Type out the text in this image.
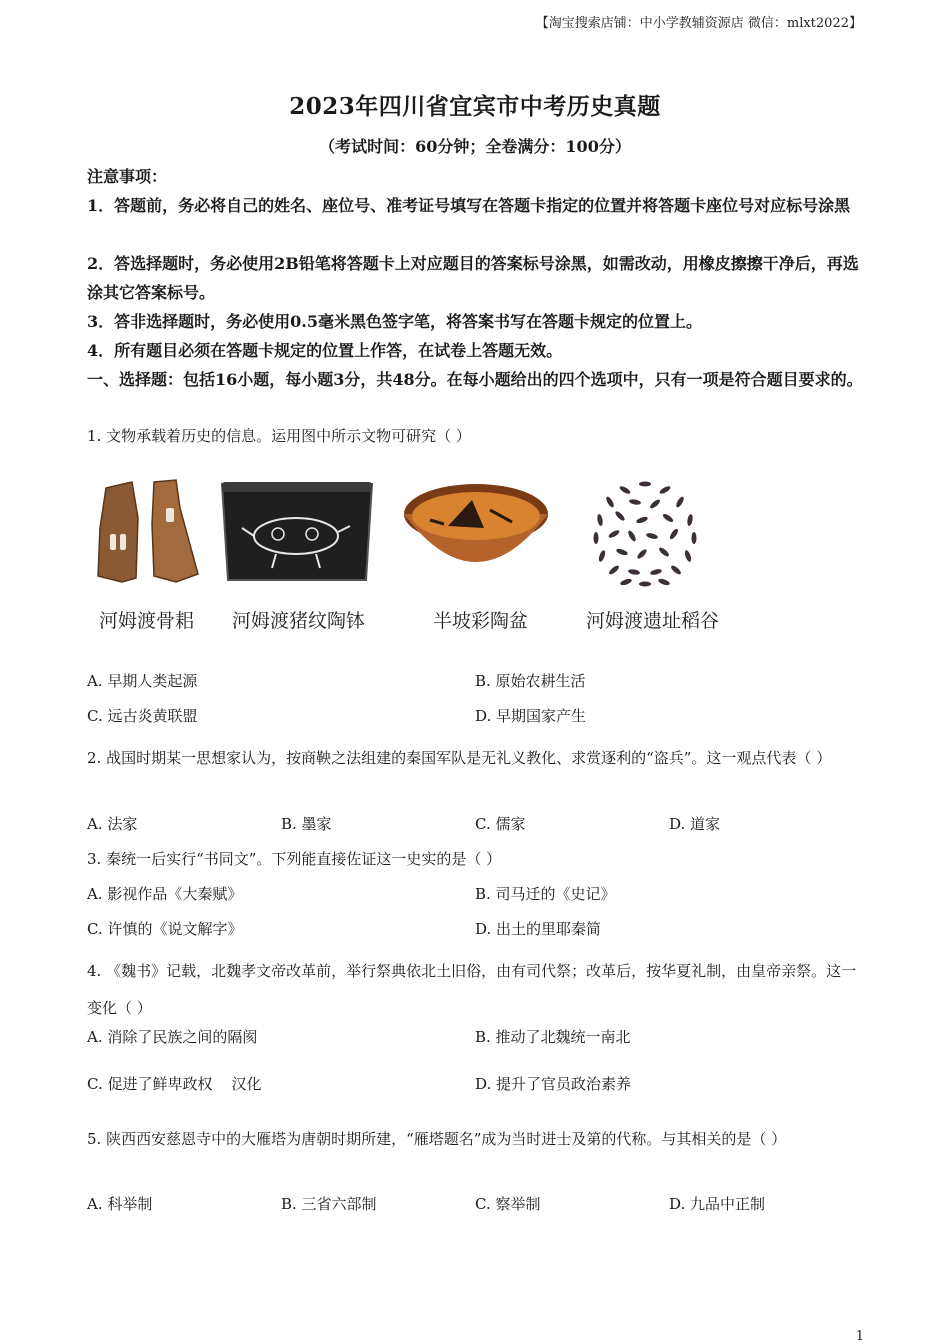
【淘宝搜索店铺：中小学教辅资源店 微信：mlxt2022】
2023年四川省宜宾市中考历史真题
（考试时间：60分钟；全卷满分：100分）
注意事项：
1．答题前，务必将自己的姓名、座位号、准考证号填写在答题卡指定的位置并将答题卡座位号对应标号涂黑
2．答选择题时，务必使用2B铅笔将答题卡上对应题目的答案标号涂黑，如需改动，用橡皮擦擦干净后，再选涂其它答案标号。
3．答非选择题时，务必使用0.5毫米黑色签字笔，将答案书写在答题卡规定的位置上。
4．所有题目必须在答题卡规定的位置上作答，在试卷上答题无效。
一、选择题：包括16小题，每小题3分，共48分。在每小题给出的四个选项中，只有一项是符合题目要求的。
1. 文物承载着历史的信息。运用图中所示文物可研究（ ）
河姆渡骨耜 河姆渡猪纹陶钵	半坡彩陶盆	河姆渡遗址稻谷
A. 早期人类起源	B. 原始农耕生活
C. 远古炎黄联盟	D. 早期国家产生
2. 战国时期某一思想家认为，按商鞅之法组建的秦国军队是无礼义教化、求赏逐利的“盗兵”。这一观点代表（ ）
A. 法家	B. 墨家	C. 儒家	D. 道家
3. 秦统一后实行“书同文”。下列能直接佐证这一史实的是（ ）
A. 影视作品《大秦赋》	B. 司马迁的《史记》
C. 许慎的《说文解字》	D. 出土的里耶秦简
4. 《魏书》记载，北魏孝文帝改革前，举行祭典依北土旧俗，由有司代祭；改革后，按华夏礼制，由皇帝亲祭。这一变化（ ）
A. 消除了民族之间的隔阂	B. 推动了北魏统一南北
C. 促进了鲜卑政权    汉化	D. 提升了官员政治素养
5. 陕西西安慈恩寺中的大雁塔为唐朝时期所建，“雁塔题名”成为当时进士及第的代称。与其相关的是（ ）
A. 科举制	B. 三省六部制	C. 察举制	D. 九品中正制
1
